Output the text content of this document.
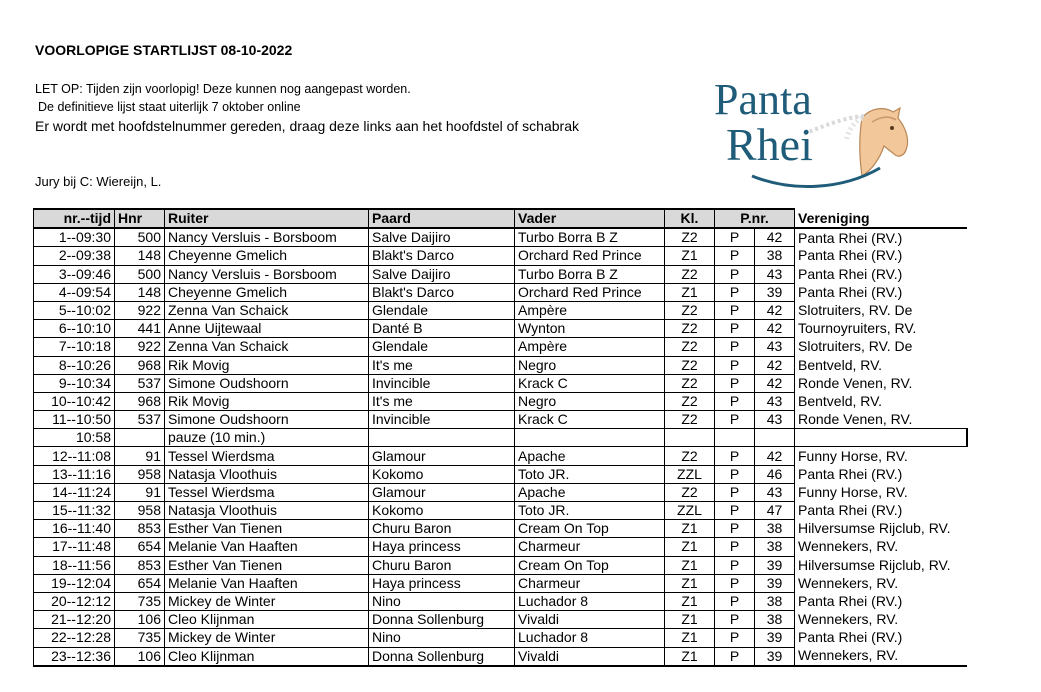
VOORLOPIGE STARTLIJST 08-10-2022
LET OP: Tijden zijn voorlopig! Deze kunnen nog aangepast worden.
De definitieve lijst staat uiterlijk 7 oktober online
Er wordt met hoofdstelnummer gereden, draag deze links aan het hoofdstel of schabrak
Jury bij C: Wiereijn, L.
Panta
Rhei
nr.--tijd	Hnr	Ruiter	Paard	Vader	Kl.	P.nr.		Vereniging
1--09:30	500	Nancy Versluis - Borsboom	Salve Daijiro	Turbo Borra B Z	Z2	P	42	Panta Rhei (RV.)
2--09:38	148	Cheyenne Gmelich	Blakt's Darco	Orchard Red Prince	Z1	P	38	Panta Rhei (RV.)
3--09:46	500	Nancy Versluis - Borsboom	Salve Daijiro	Turbo Borra B Z	Z2	P	43	Panta Rhei (RV.)
4--09:54	148	Cheyenne Gmelich	Blakt's Darco	Orchard Red Prince	Z1	P	39	Panta Rhei (RV.)
5--10:02	922	Zenna Van Schaick	Glendale	Ampère	Z2	P	42	Slotruiters, RV. De
6--10:10	441	Anne Uijtewaal	Danté B	Wynton	Z2	P	42	Tournoyruiters, RV.
7--10:18	922	Zenna Van Schaick	Glendale	Ampère	Z2	P	43	Slotruiters, RV. De
8--10:26	968	Rik Movig	It's me	Negro	Z2	P	42	Bentveld, RV.
9--10:34	537	Simone Oudshoorn	Invincible	Krack C	Z2	P	42	Ronde Venen, RV.
10--10:42	968	Rik Movig	It's me	Negro	Z2	P	43	Bentveld, RV.
11--10:50	537	Simone Oudshoorn	Invincible	Krack C	Z2	P	43	Ronde Venen, RV.
10:58		pauze (10 min.)						
12--11:08	91	Tessel Wierdsma	Glamour	Apache	Z2	P	42	Funny Horse, RV.
13--11:16	958	Natasja Vloothuis	Kokomo	Toto JR.	ZZL	P	46	Panta Rhei (RV.)
14--11:24	91	Tessel Wierdsma	Glamour	Apache	Z2	P	43	Funny Horse, RV.
15--11:32	958	Natasja Vloothuis	Kokomo	Toto JR.	ZZL	P	47	Panta Rhei (RV.)
16--11:40	853	Esther Van Tienen	Churu Baron	Cream On Top	Z1	P	38	Hilversumse Rijclub, RV.
17--11:48	654	Melanie Van Haaften	Haya princess	Charmeur	Z1	P	38	Wennekers, RV.
18--11:56	853	Esther Van Tienen	Churu Baron	Cream On Top	Z1	P	39	Hilversumse Rijclub, RV.
19--12:04	654	Melanie Van Haaften	Haya princess	Charmeur	Z1	P	39	Wennekers, RV.
20--12:12	735	Mickey de Winter	Nino	Luchador 8	Z1	P	38	Panta Rhei (RV.)
21--12:20	106	Cleo Klijnman	Donna Sollenburg	Vivaldi	Z1	P	38	Wennekers, RV.
22--12:28	735	Mickey de Winter	Nino	Luchador 8	Z1	P	39	Panta Rhei (RV.)
23--12:36	106	Cleo Klijnman	Donna Sollenburg	Vivaldi	Z1	P	39	Wennekers, RV.
